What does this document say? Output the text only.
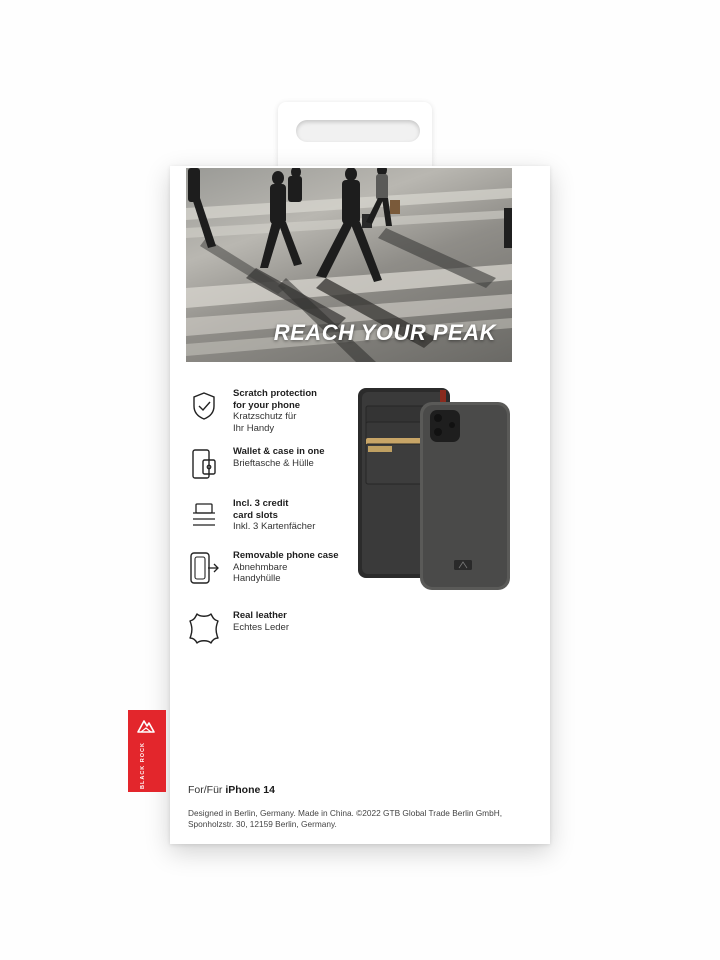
REACH YOUR PEAK
Scratch protection
for your phone
Kratzschutz für
Ihr Handy
Wallet & case in one
Brieftasche & Hülle
Incl. 3 credit
card slots
Inkl. 3 Kartenfächer
Removable phone case
Abnehmbare
Handyhülle
Real leather
Echtes Leder
BLACK ROCK
For/Für iPhone 14
Designed in Berlin, Germany. Made in China. ©2022 GTB Global Trade Berlin GmbH,
Sponholzstr. 30, 12159 Berlin, Germany.
